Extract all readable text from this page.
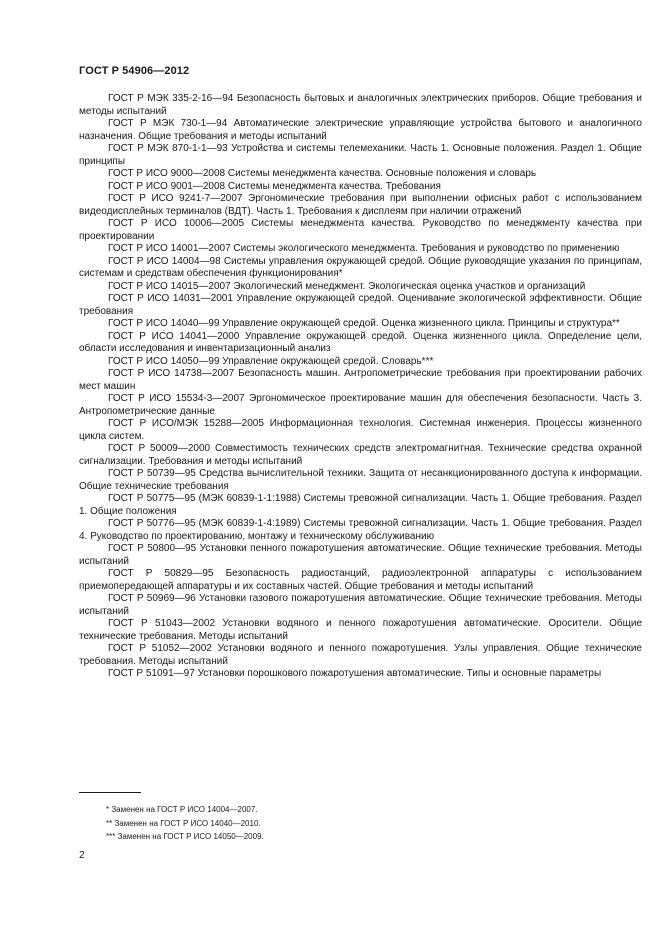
ГОСТ Р 54906—2012

ГОСТ Р МЭК 335-2-16—94 Безопасность бытовых и аналогичных электрических приборов. Общие требования и методы испытаний

ГОСТ Р МЭК 730-1—94 Автоматические электрические управляющие устройства бытового и аналогичного назначения. Общие требования и методы испытаний

ГОСТ Р МЭК 870-1-1—93 Устройства и системы телемеханики. Часть 1. Основные положения. Раздел 1. Общие принципы

ГОСТ Р ИСО 9000—2008 Системы менеджмента качества. Основные положения и словарь

ГОСТ Р ИСО 9001—2008 Системы менеджмента качества. Требования

ГОСТ Р ИСО 9241-7—2007 Эргономические требования при выполнении офисных работ с использованием видеодисплейных терминалов (ВДТ). Часть 1. Требования к дисплеям при наличии отражений

ГОСТ Р ИСО 10006—2005 Системы менеджмента качества. Руководство по менеджменту качества при проектировании

ГОСТ Р ИСО 14001—2007 Системы экологического менеджмента. Требования и руководство по применению

ГОСТ Р ИСО 14004—98 Системы управления окружающей средой. Общие руководящие указания по принципам, системам и средствам обеспечения функционирования*

ГОСТ Р ИСО 14015—2007 Экологический менеджмент. Экологическая оценка участков и организаций

ГОСТ Р ИСО 14031—2001 Управление окружающей средой. Оценивание экологической эффективности. Общие требования

ГОСТ Р ИСО 14040—99 Управление окружающей средой. Оценка жизненного цикла. Принципы и структура**

ГОСТ Р ИСО 14041—2000 Управление окружающей средой. Оценка жизненного цикла. Определение цели, области исследования и инвентаризационный анализ

ГОСТ Р ИСО 14050—99 Управление окружающей средой. Словарь***

ГОСТ Р ИСО 14738—2007 Безопасность машин. Антропометрические требования при проектировании рабочих мест машин

ГОСТ Р ИСО 15534-3—2007 Эргономическое проектирование машин для обеспечения безопасности. Часть 3. Антропометрические данные

ГОСТ Р ИСО/МЭК 15288—2005 Информационная технология. Системная инженерия. Процессы жизненного цикла систем.

ГОСТ Р 50009—2000 Совместимость технических средств электромагнитная. Технические средства охранной сигнализации. Требования и методы испытаний

ГОСТ Р 50739—95 Средства вычислительной техники. Защита от несанкционированного доступа к информации. Общие технические требования

ГОСТ Р 50775—95 (МЭК 60839-1-1:1988) Системы тревожной сигнализации. Часть 1. Общие требования. Раздел 1. Общие положения

ГОСТ Р 50776—95 (МЭК 60839-1-4:1989) Системы тревожной сигнализации. Часть 1. Общие требования. Раздел 4. Руководство по проектированию, монтажу и техническому обслуживанию

ГОСТ Р 50800—95 Установки пенного пожаротушения автоматические. Общие технические требования. Методы испытаний

ГОСТ Р 50829—95 Безопасность радиостанций, радиоэлектронной аппаратуры с использованием приемопередающей аппаратуры и их составных частей. Общие требования и методы испытаний

ГОСТ Р 50969—96 Установки газового пожаротушения автоматические. Общие технические требования. Методы испытаний

ГОСТ Р 51043—2002 Установки водяного и пенного пожаротушения автоматические. Оросители. Общие технические требования. Методы испытаний

ГОСТ Р 51052—2002 Установки водяного и пенного пожаротушения. Узлы управления. Общие технические требования. Методы испытаний

ГОСТ Р 51091—97 Установки порошкового пожаротушения автоматические. Типы и основные параметры

* Заменен на ГОСТ Р ИСО 14004—2007.

** Заменен на ГОСТ Р ИСО 14040—2010.

*** Заменен на ГОСТ Р ИСО 14050—2009.

2
